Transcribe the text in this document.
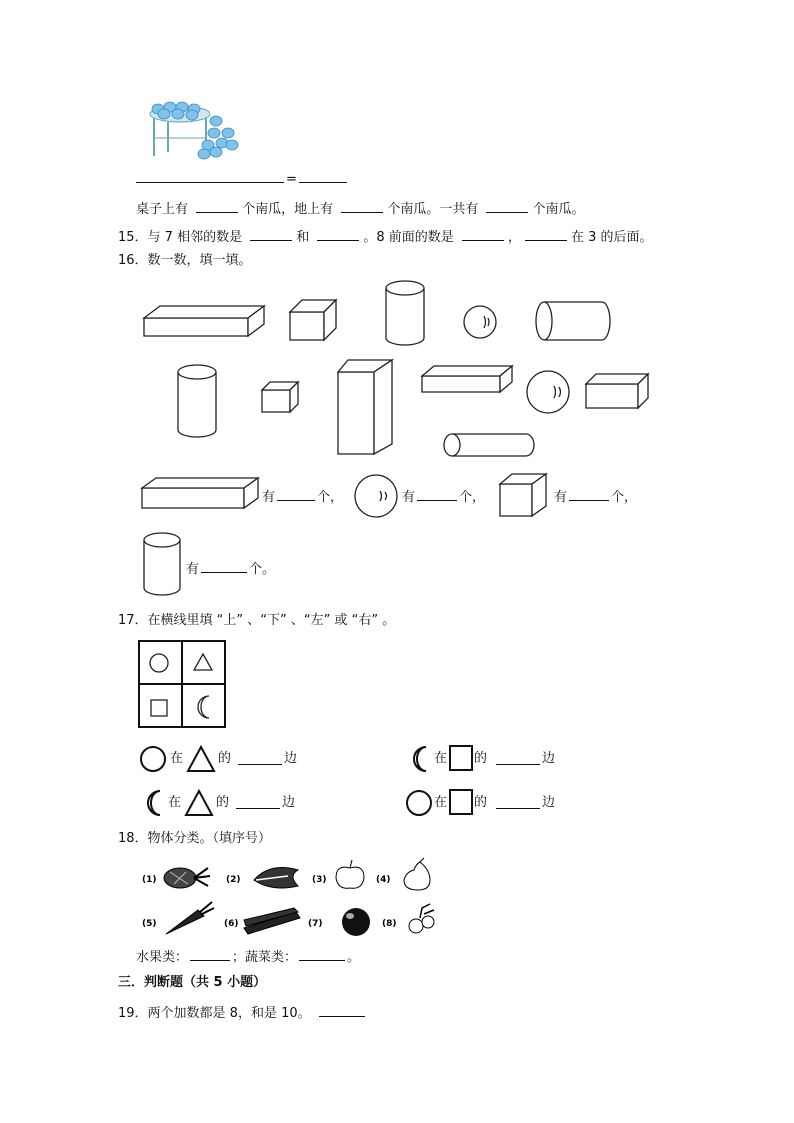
=
桌子上有	个南瓜，地上有	个南瓜。一共有	个南瓜。
15．与 7 相邻的数是	和	。8 前面的数是	，	在 3 的后面。
16．数一数，填一填。
有	个，	有	个，	有	个，
有	个。
17．在横线里填 “上” 、“下” 、“左” 或 “右” 。
在	的	边	在 的	边
在	的	边	在 的	边
18．物体分类。（填序号）
(1)	(2)	(3)	(4)
(5)	(6)	(7)	(8)
水果类：	；蔬菜类：	。
三．判断题（共 5 小题）
19．两个加数都是 8，和是 10。
